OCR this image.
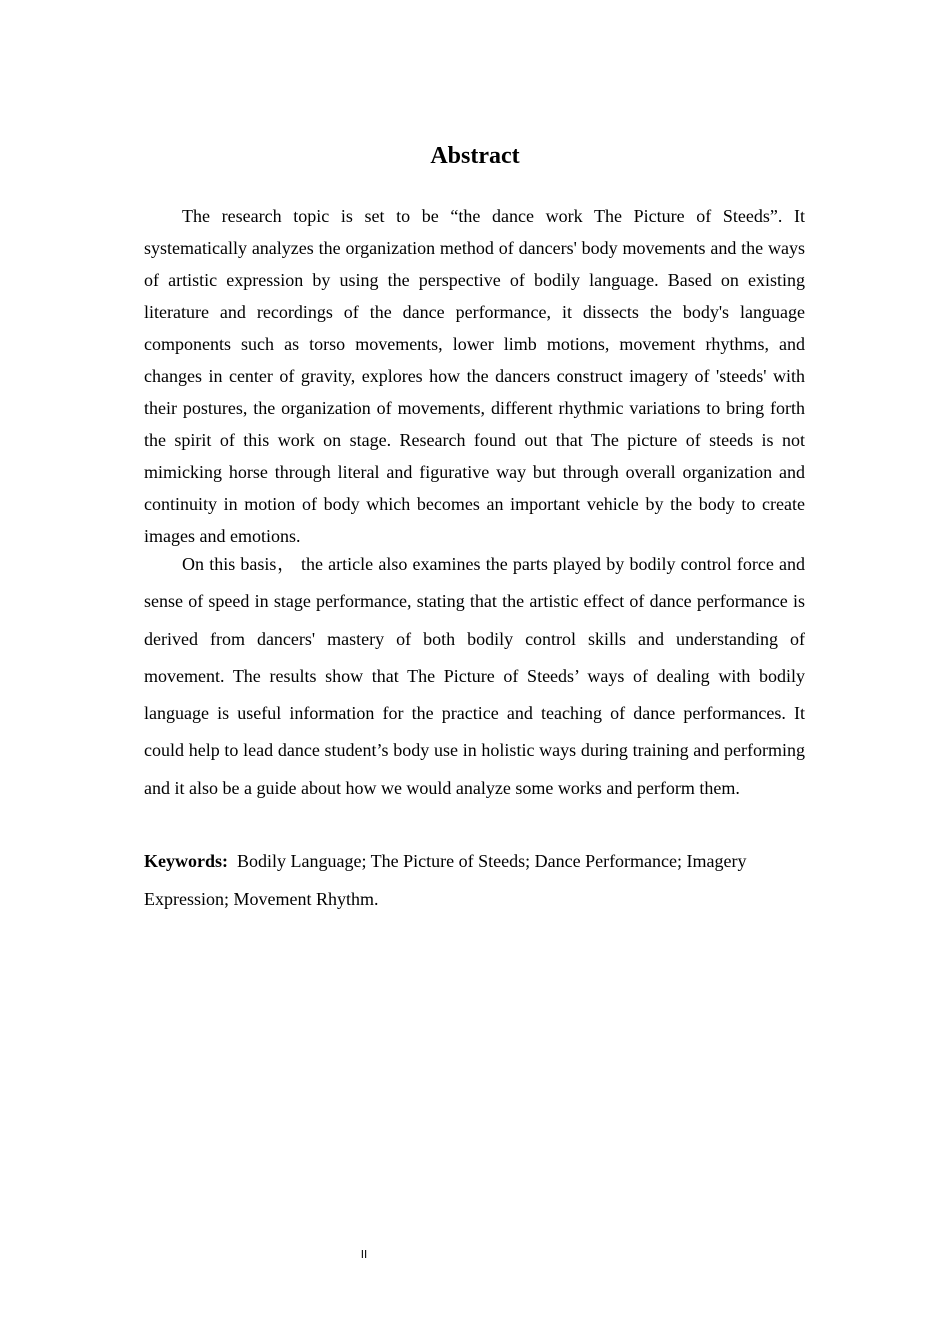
Abstract

The research topic is set to be “the dance work The Picture of Steeds”. It systematically analyzes the organization method of dancers' body movements and the ways of artistic expression by using the perspective of bodily language. Based on existing literature and recordings of the dance performance, it dissects the body's language components such as torso movements, lower limb motions, movement rhythms, and changes in center of gravity, explores how the dancers construct imagery of 'steeds' with their postures, the organization of movements, different rhythmic variations to bring forth the spirit of this work on stage. Research found out that The picture of steeds is not mimicking horse through literal and figurative way but through overall organization and continuity in motion of body which becomes an important vehicle by the body to create images and emotions.

On this basis， the article also examines the parts played by bodily control force and sense of speed in stage performance, stating that the artistic effect of dance performance is derived from dancers' mastery of both bodily control skills and understanding of movement. The results show that The Picture of Steeds’ ways of dealing with bodily language is useful information for the practice and teaching of dance performances. It could help to lead dance student’s body use in holistic ways during training and performing and it also be a guide about how we would analyze some works and perform them.

Keywords: Bodily Language; The Picture of Steeds; Dance Performance; Imagery Expression; Movement Rhythm.

II
